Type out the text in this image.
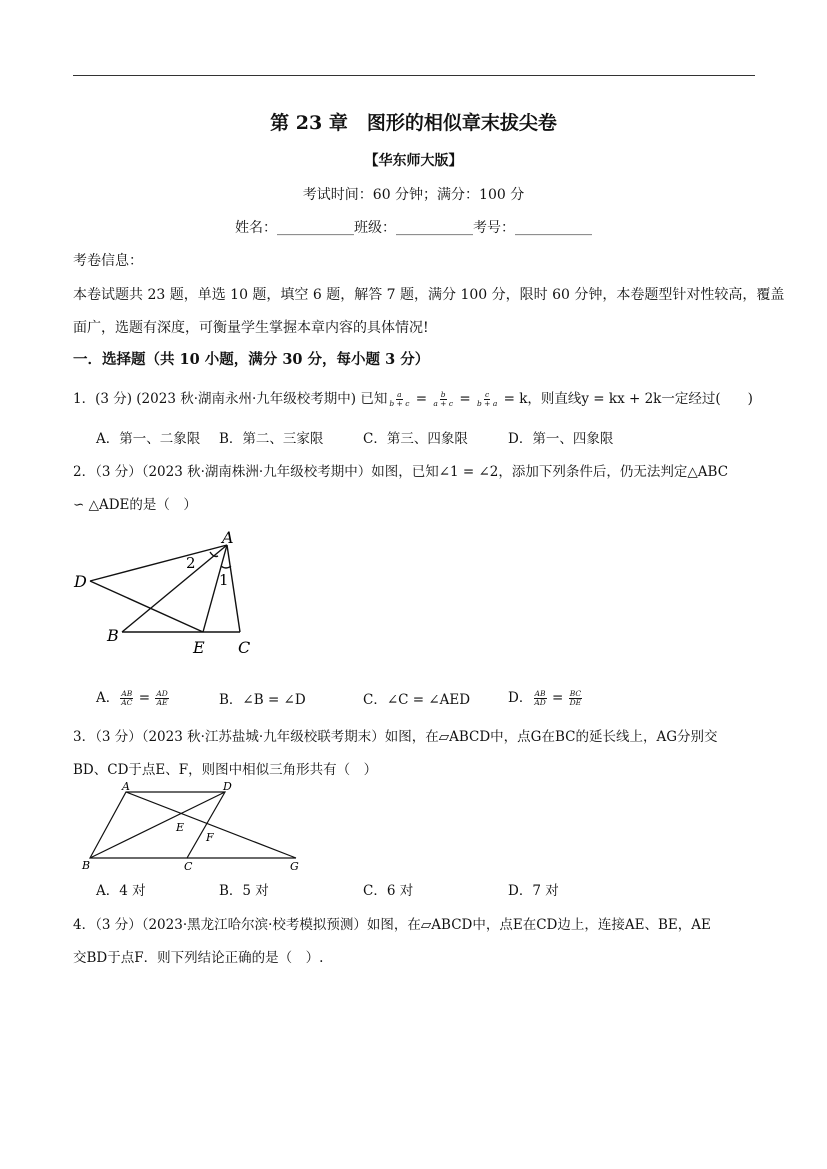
第 23 章　图形的相似章末拔尖卷
【华东师大版】
考试时间：60 分钟；满分：100 分
姓名：___________班级：___________考号：___________
考卷信息：
本卷试题共 23 题，单选 10 题，填空 6 题，解答 7 题，满分 100 分，限时 60 分钟，本卷题型针对性较高，覆盖
面广，选题有深度，可衡量学生掌握本章内容的具体情况!
一．选择题（共 10 小题，满分 30 分，每小题 3 分）
1．(3 分) (2023 秋·湖南永州·九年级校考期中) 已知 $\frac{a}{b + c} = \frac{b}{a + c} = \frac{c}{b + a} = k$，则直线y = kx + 2k一定经过(　　)
A．第一、二象限 B．第二、三家限	C．第三、四象限	D．第一、四象限
2．（3 分）（2023 秋·湖南株洲·九年级校考期中）如图，已知∠1 = ∠2，添加下列条件后，仍无法判定△ABC
∽ △ADE的是（　）
A
D
B
E C
2
1
A． $\frac{AB}{AC} = \frac{AD}{AE}$	B．∠B = ∠D	C．∠C = ∠AED	D． $\frac{AB}{AD} = \frac{BC}{DE}$
3．（3 分）（2023 秋·江苏盐城·九年级校联考期末）如图，在▱ABCD中，点G在BC的延长线上，AG分别交
BD、CD于点E、F，则图中相似三角形共有（　）
A	D
B	C	G
E
F
A．4 对	B．5 对	C．6 对	D．7 对
4．（3 分）（2023·黑龙江哈尔滨·校考模拟预测）如图，在▱ABCD中，点E在CD边上，连接AE、BE，AE
交BD于点F．则下列结论正确的是（　）.
